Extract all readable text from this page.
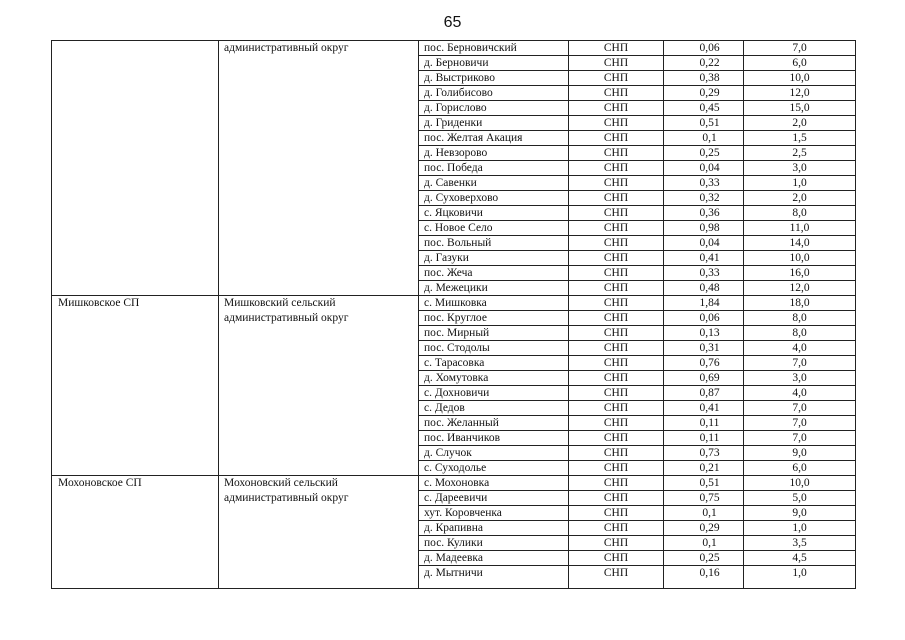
65
	административный округ	пос. Берновичский	СНП	0,06	7,0
		д. Берновичи	СНП	0,22	6,0
		д. Выстриково	СНП	0,38	10,0
		д. Голибисово	СНП	0,29	12,0
		д. Горислово	СНП	0,45	15,0
		д. Гриденки	СНП	0,51	2,0
		пос. Желтая Акация	СНП	0,1	1,5
		д. Невзорово	СНП	0,25	2,5
		пос. Победа	СНП	0,04	3,0
		д. Савенки	СНП	0,33	1,0
		д. Суховерхово	СНП	0,32	2,0
		с. Яцковичи	СНП	0,36	8,0
		с. Новое Село	СНП	0,98	11,0
		пос. Вольный	СНП	0,04	14,0
		д. Газуки	СНП	0,41	10,0
		пос. Жеча	СНП	0,33	16,0
		д. Межецики	СНП	0,48	12,0
Мишковское СП	Мишковский сельский административный округ	с. Мишковка	СНП	1,84	18,0
		пос. Круглое	СНП	0,06	8,0
		пос. Мирный	СНП	0,13	8,0
		пос. Стодолы	СНП	0,31	4,0
		с. Тарасовка	СНП	0,76	7,0
		д. Хомутовка	СНП	0,69	3,0
		с. Дохновичи	СНП	0,87	4,0
		с. Дедов	СНП	0,41	7,0
		пос. Желанный	СНП	0,11	7,0
		пос. Иванчиков	СНП	0,11	7,0
		д. Случок	СНП	0,73	9,0
		с. Суходолье	СНП	0,21	6,0
Мохоновское СП	Мохоновский сельский административный округ	с. Мохоновка	СНП	0,51	10,0
		с. Дареевичи	СНП	0,75	5,0
		хут. Коровченка	СНП	0,1	9,0
		д. Крапивна	СНП	0,29	1,0
		пос. Кулики	СНП	0,1	3,5
		д. Мадеевка	СНП	0,25	4,5
		д. Мытничи	СНП	0,16	1,0
